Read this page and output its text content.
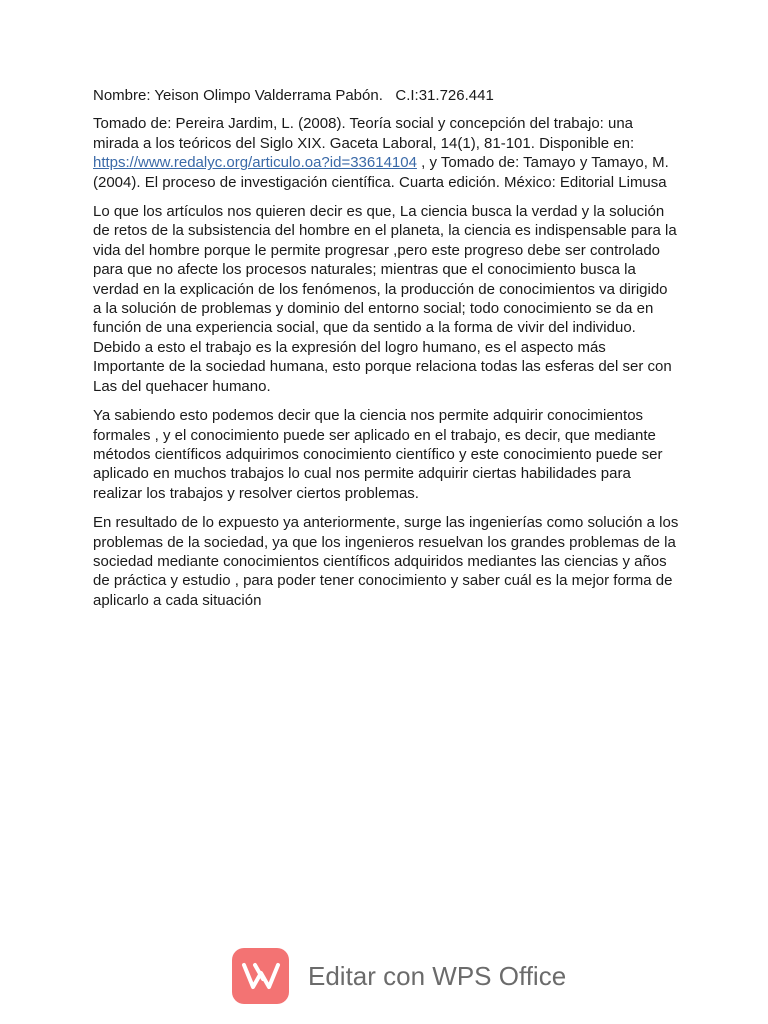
Nombre: Yeison Olimpo Valderrama Pabón.   C.I:31.726.441

Tomado de: Pereira Jardim, L. (2008). Teoría social y concepción del trabajo: una mirada a los teóricos del Siglo XIX. Gaceta Laboral, 14(1), 81-101. Disponible en: https://www.redalyc.org/articulo.oa?id=33614104 , y Tomado de: Tamayo y Tamayo, M. (2004). El proceso de investigación científica. Cuarta edición. México: Editorial Limusa

Lo que los artículos nos quieren decir es que, La ciencia busca la verdad y la solución de retos de la subsistencia del hombre en el planeta, la ciencia es indispensable para la vida del hombre porque le permite progresar ,pero este progreso debe ser controlado para que no afecte los procesos naturales; mientras que el conocimiento busca la verdad en la explicación de los fenómenos, la producción de conocimientos va dirigido a la solución de problemas y dominio del entorno social; todo conocimiento se da en función de una experiencia social, que da sentido a la forma de vivir del individuo. Debido a esto el trabajo es la expresión del logro humano, es el aspecto más Importante de la sociedad humana, esto porque relaciona todas las esferas del ser con Las del quehacer humano.

Ya sabiendo esto podemos decir que la ciencia nos permite adquirir conocimientos formales , y el conocimiento puede ser aplicado en el trabajo, es decir, que mediante métodos científicos adquirimos conocimiento científico y este conocimiento puede ser aplicado en muchos trabajos lo cual nos permite adquirir ciertas habilidades para realizar los trabajos y resolver ciertos problemas.

En resultado de lo expuesto ya anteriormente, surge las ingenierías como solución a los problemas de la sociedad, ya que los ingenieros resuelvan los grandes problemas de la sociedad mediante conocimientos científicos adquiridos mediantes las ciencias y años de práctica y estudio , para poder tener conocimiento y saber cuál es la mejor forma de aplicarlo a cada situación

Editar con WPS Office
